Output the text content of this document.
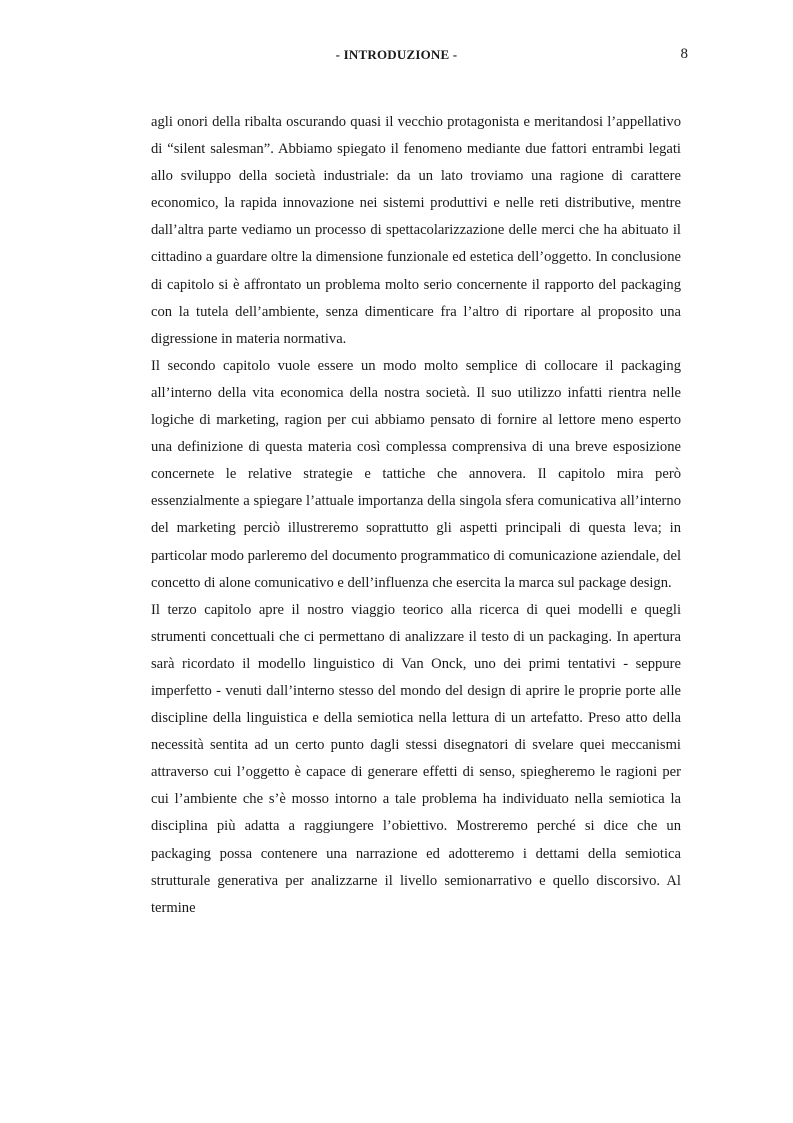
- INTRODUZIONE -	8

agli onori della ribalta oscurando quasi il vecchio protagonista e meritandosi l’appellativo di “silent salesman”. Abbiamo spiegato il fenomeno mediante due fattori entrambi legati allo sviluppo della società industriale: da un lato troviamo una ragione di carattere economico, la rapida innovazione nei sistemi produttivi e nelle reti distributive, mentre dall’altra parte vediamo un processo di spettacolarizzazione delle merci che ha abituato il cittadino a guardare oltre la dimensione funzionale ed estetica dell’oggetto. In conclusione di capitolo si è affrontato un problema molto serio concernente il rapporto del packaging con la tutela dell’ambiente, senza dimenticare fra l’altro di riportare al proposito una digressione in materia normativa.

Il secondo capitolo vuole essere un modo molto semplice di collocare il packaging all’interno della vita economica della nostra società. Il suo utilizzo infatti rientra nelle logiche di marketing, ragion per cui abbiamo pensato di fornire al lettore meno esperto una definizione di questa materia così complessa comprensiva di una breve esposizione concernete le relative strategie e tattiche che annovera. Il capitolo mira però essenzialmente a spiegare l’attuale importanza della singola sfera comunicativa all’interno del marketing perciò illustreremo soprattutto gli aspetti principali di questa leva; in particolar modo parleremo del documento programmatico di comunicazione aziendale, del concetto di alone comunicativo e dell’influenza che esercita la marca sul package design.

Il terzo capitolo apre il nostro viaggio teorico alla ricerca di quei modelli e quegli strumenti concettuali che ci permettano di analizzare il testo di un packaging. In apertura sarà ricordato il modello linguistico di Van Onck, uno dei primi tentativi - seppure imperfetto - venuti dall’interno stesso del mondo del design di aprire le proprie porte alle discipline della linguistica e della semiotica nella lettura di un artefatto. Preso atto della necessità sentita ad un certo punto dagli stessi disegnatori di svelare quei meccanismi attraverso cui l’oggetto è capace di generare effetti di senso, spiegheremo le ragioni per cui l’ambiente che s’è mosso intorno a tale problema ha individuato nella semiotica la disciplina più adatta a raggiungere l’obiettivo. Mostreremo perché si dice che un packaging possa contenere una narrazione ed adotteremo i dettami della semiotica strutturale generativa per analizzarne il livello semionarrativo e quello discorsivo. Al termine
